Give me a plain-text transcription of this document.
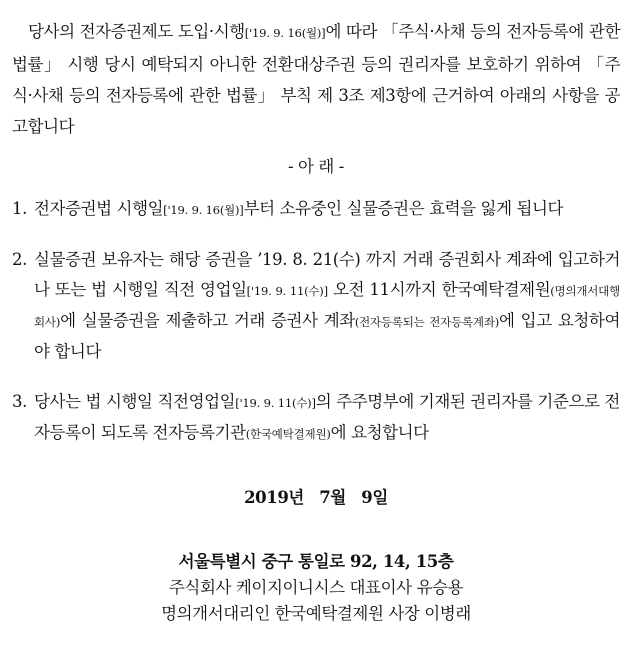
당사의 전자증권제도 도입·시행['19. 9. 16(월)]에 따라 「주식·사채 등의 전자등록에 관한 법률」 시행 당시 예탁되지 아니한 전환대상주권 등의 권리자를 보호하기 위하여 「주식·사채 등의 전자등록에 관한 법률」 부칙 제 3조 제3항에 근거하여 아래의 사항을 공고합니다

- 아 래 -

1. 전자증권법 시행일['19. 9. 16(월)]부터 소유중인 실물증권은 효력을 잃게 됩니다
2. 실물증권 보유자는 해당 증권을 ’19. 8. 21(수) 까지 거래 증권회사 계좌에 입고하거나 또는 법 시행일 직전 영업일['19. 9. 11(수)] 오전 11시까지 한국예탁결제원(명의개서대행회사)에 실물증권을 제출하고 거래 증권사 계좌(전자등록되는 전자등록계좌)에 입고 요청하여야 합니다
3. 당사는 법 시행일 직전영업일['19. 9. 11(수)]의 주주명부에 기재된 권리자를 기준으로 전자등록이 되도록 전자등록기관(한국예탁결제원)에 요청합니다

2019년 7월 9일

서울특별시 중구 통일로 92, 14, 15층
주식회사 케이지이니시스 대표이사 유승용
명의개서대리인 한국예탁결제원 사장 이병래
